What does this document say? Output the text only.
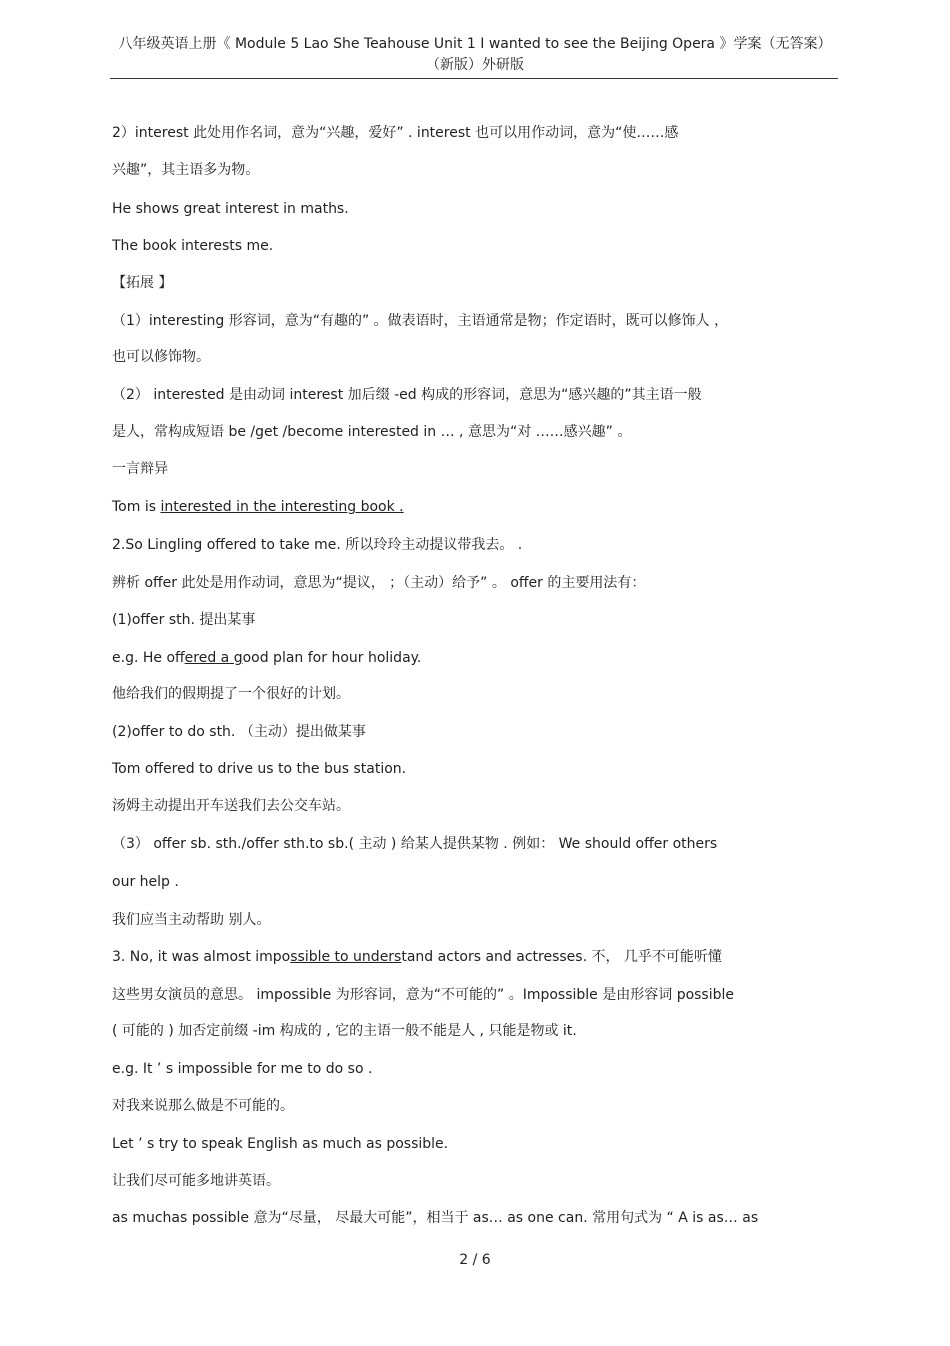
八年级英语上册《 Module 5 Lao She Teahouse Unit 1 I wanted to see the Beijing Opera 》学案（无答案）
（新版）外研版
2）interest 此处用作名词，意为“兴趣，爱好” . interest 也可以用作动词，意为“使……感
兴趣”，其主语多为物。
He shows great interest in maths.
The book interests me.
【拓展 】
（1）interesting 形容词，意为“有趣的” 。做表语时，主语通常是物；作定语时，既可以修饰人 ，
也可以修饰物。
（2） interested 是由动词 interest 加后缀 -ed 构成的形容词，意思为“感兴趣的”其主语一般
是人，常构成短语 be /get /become interested in … , 意思为“对 ……感兴趣” 。
一言辩异
Tom is interested in the interesting book .
2.So Lingling offered to take me. 所以玲玲主动提议带我去。 .
辨析 offer 此处是用作动词，意思为“提议， ；（主动）给予” 。 offer 的主要用法有：
(1)offer sth. 提出某事
e.g. He offered a good plan for hour holiday.
他给我们的假期提了一个很好的计划。
(2)offer to do sth. （主动）提出做某事
Tom offered to drive us to the bus station.
汤姆主动提出开车送我们去公交车站。
（3） offer sb. sth./offer sth.to sb.( 主动 ) 给某人提供某物 . 例如： We should offer others
our help .
我们应当主动帮助 别人。
3. No, it was almost impossible to understand actors and actresses. 不， 几乎不可能听懂
这些男女演员的意思。 impossible 为形容词，意为“不可能的” 。Impossible 是由形容词 possible
( 可能的 ) 加否定前缀 -im 构成的 , 它的主语一般不能是人 , 只能是物或 it.
e.g. It ’ s impossible for me to do so .
对我来说那么做是不可能的。
Let ’ s try to speak English as much as possible.
让我们尽可能多地讲英语。
as muchas possible 意为“尽量， 尽最大可能”，相当于 as… as one can. 常用句式为 “ A is as… as
2 / 6
